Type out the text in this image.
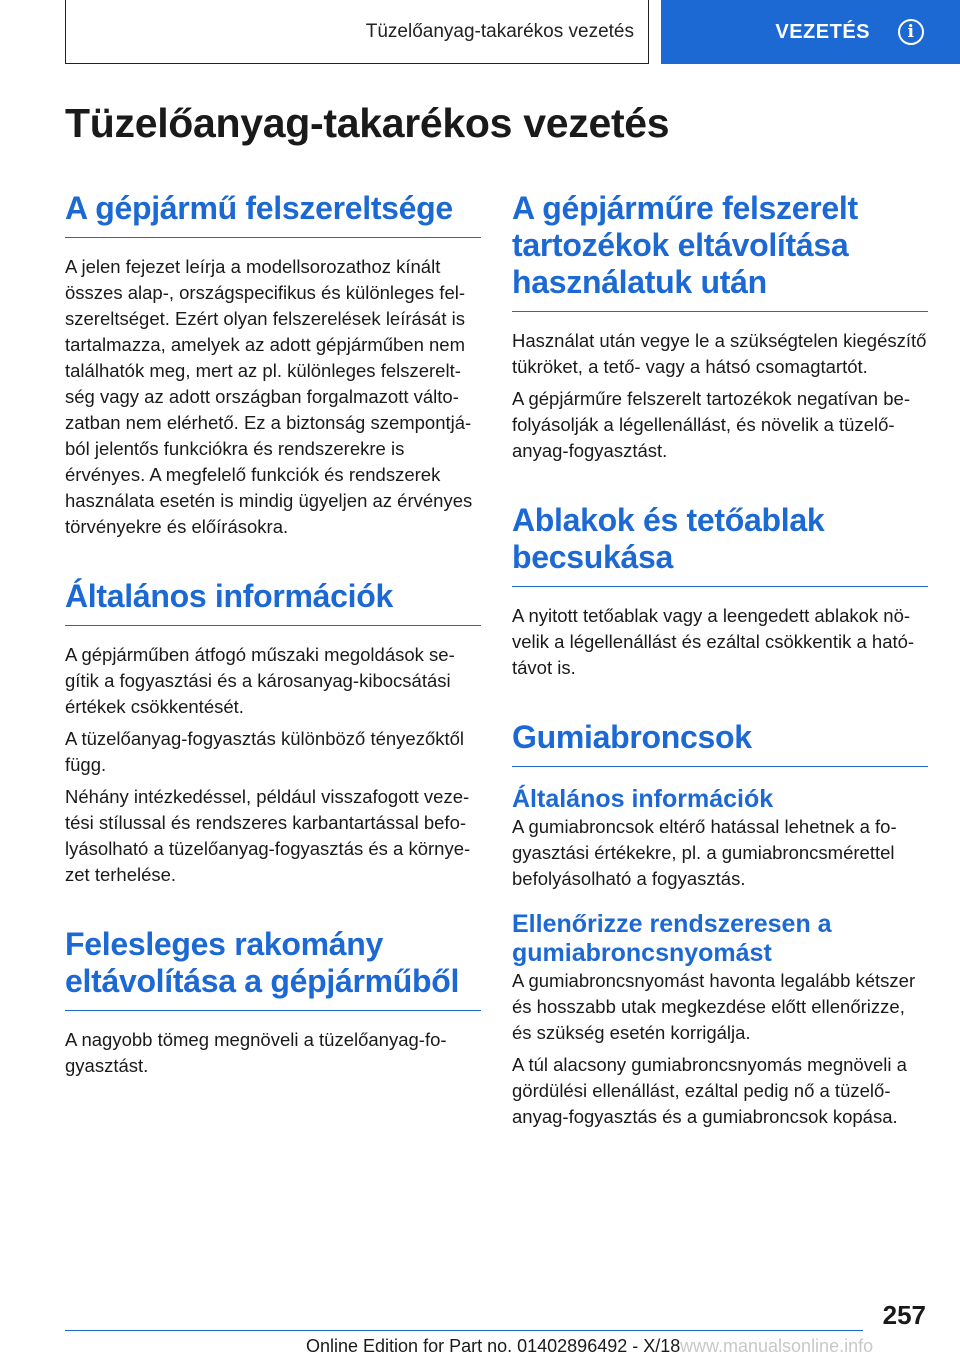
Tüzelőanyag-takarékos vezetés	VEZETÉS	i
Tüzelőanyag-takarékos vezetés
A gépjármű felszereltsége

A jelen fejezet leírja a modellsorozathoz kínált összes alap-, országspecifikus és különleges felszereltséget. Ezért olyan felszerelések leírását is tartalmazza, amelyek az adott gépjárműben nem találhatók meg, mert az pl. különleges felszereltség vagy az adott országban forgalmazott változatban nem elérhető. Ez a biztonság szempontjából jelentős funkciókra és rendszerekre is érvényes. A megfelelő funkciók és rendszerek használata esetén is mindig ügyeljen az érvényes törvényekre és előírásokra.

Általános információk

A gépjárműben átfogó műszaki megoldások segítik a fogyasztási és a károsanyag-kibocsátási értékek csökkentését.

A tüzelőanyag-fogyasztás különböző tényezőktől függ.

Néhány intézkedéssel, például visszafogott vezetési stílussal és rendszeres karbantartással befolyásolható a tüzelőanyag-fogyasztás és a környezet terhelése.

Felesleges rakomány eltávolítása a gépjárműből

A nagyobb tömeg megnöveli a tüzelőanyag-fogyasztást.

A gépjárműre felszerelt tartozékok eltávolítása használatuk után

Használat után vegye le a szükségtelen kiegészítő tükröket, a tető- vagy a hátsó csomagtartót.

A gépjárműre felszerelt tartozékok negatívan befolyásolják a légellenállást, és növelik a tüzelőanyag-fogyasztást.

Ablakok és tetőablak becsukása

A nyitott tetőablak vagy a leengedett ablakok növelik a légellenállást és ezáltal csökkentik a hatótávot is.

Gumiabroncsok
Általános információk

A gumiabroncsok eltérő hatással lehetnek a fogyasztási értékekre, pl. a gumiabroncsmérettel befolyásolható a fogyasztás.

Ellenőrizze rendszeresen a gumiabroncsnyomást

A gumiabroncsnyomást havonta legalább kétszer és hosszabb utak megkezdése előtt ellenőrizze, és szükség esetén korrigálja.

A túl alacsony gumiabroncsnyomás megnöveli a gördülési ellenállást, ezáltal pedig nő a tüzelőanyag-fogyasztás és a gumiabroncsok kopása.

257
Online Edition for Part no. 01402896492 - X/18 www.manualsonline.info
